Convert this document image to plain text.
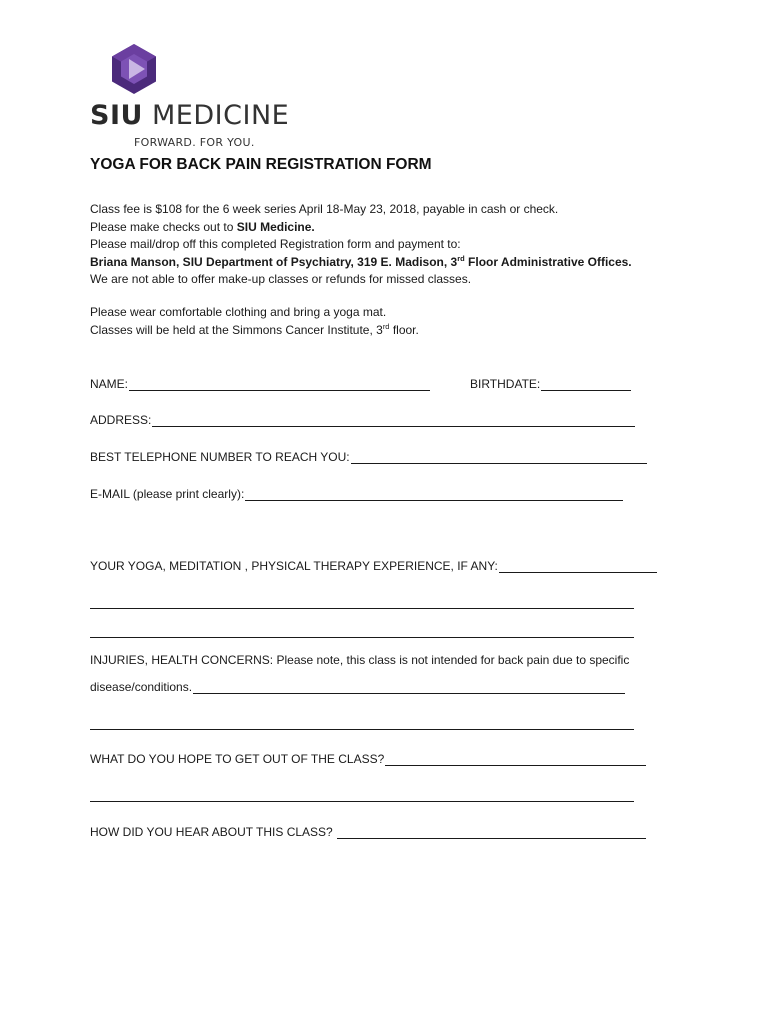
SIU MEDICINE
FORWARD. FOR YOU.
YOGA FOR BACK PAIN REGISTRATION FORM
Class fee is $108 for the 6 week series April 18-May 23, 2018, payable in cash or check.
Please make checks out to SIU Medicine.
Please mail/drop off this completed Registration form and payment to:
Briana Manson, SIU Department of Psychiatry, 319 E. Madison, 3rd Floor Administrative Offices.
We are not able to offer make-up classes or refunds for missed classes.
Please wear comfortable clothing and bring a yoga mat.
Classes will be held at the Simmons Cancer Institute, 3rd floor.
NAME:	BIRTHDATE:
ADDRESS:
BEST TELEPHONE NUMBER TO REACH YOU:
E-MAIL (please print clearly):
YOUR YOGA, MEDITATION , PHYSICAL THERAPY EXPERIENCE, IF ANY:
INJURIES, HEALTH CONCERNS: Please note, this class is not intended for back pain due to specific
disease/conditions.
WHAT DO YOU HOPE TO GET OUT OF THE CLASS?
HOW DID YOU HEAR ABOUT THIS CLASS?
